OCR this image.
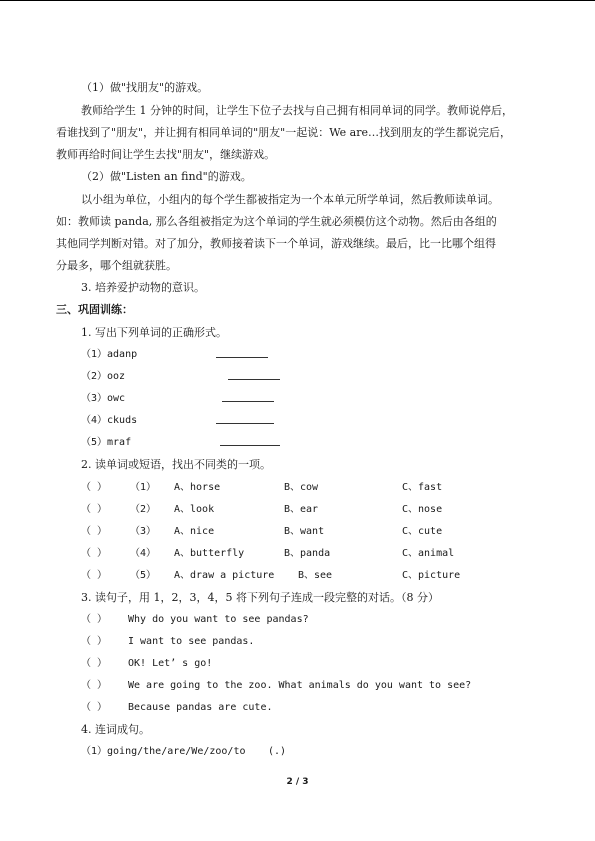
（1）做"找朋友"的游戏。
教师给学生 1 分钟的时间，让学生下位子去找与自己拥有相同单词的同学。教师说停后，
看谁找到了"朋友"，并让拥有相同单词的"朋友"一起说：We are…找到朋友的学生都说完后，
教师再给时间让学生去找"朋友"，继续游戏。
（2）做"Listen an find"的游戏。
以小组为单位，小组内的每个学生都被指定为一个本单元所学单词，然后教师读单词。
如：教师读 panda, 那么各组被指定为这个单词的学生就必须模仿这个动物。然后由各组的
其他同学判断对错。对了加分，教师接着读下一个单词，游戏继续。最后，比一比哪个组得
分最多，哪个组就获胜。
3. 培养爱护动物的意识。
三、巩固训练：
1. 写出下列单词的正确形式。
（1）adanp
（2）ooz
（3）owc
（4）ckuds
（5）mraf
2. 读单词或短语，找出不同类的一项。
（ ） （1） A、horse	B、cow	C、fast
（ ） （2） A、look	B、ear	C、nose
（ ） （3） A、nice	B、want	C、cute
（ ） （4） A、butterfly	B、panda	C、animal
（ ） （5） A、draw a picture B、see	C、picture
3. 读句子，用 1，2，3，4，5 将下列句子连成一段完整的对话。（8 分）
（ ） Why do you want to see pandas?
（ ） I want to see pandas.
（ ） OK! Let’ s go!
（ ） We are going to the zoo. What animals do you want to see?
（ ） Because pandas are cute.
4. 连词成句。
（1）going/the/are/We/zoo/to (.)
2 / 3
